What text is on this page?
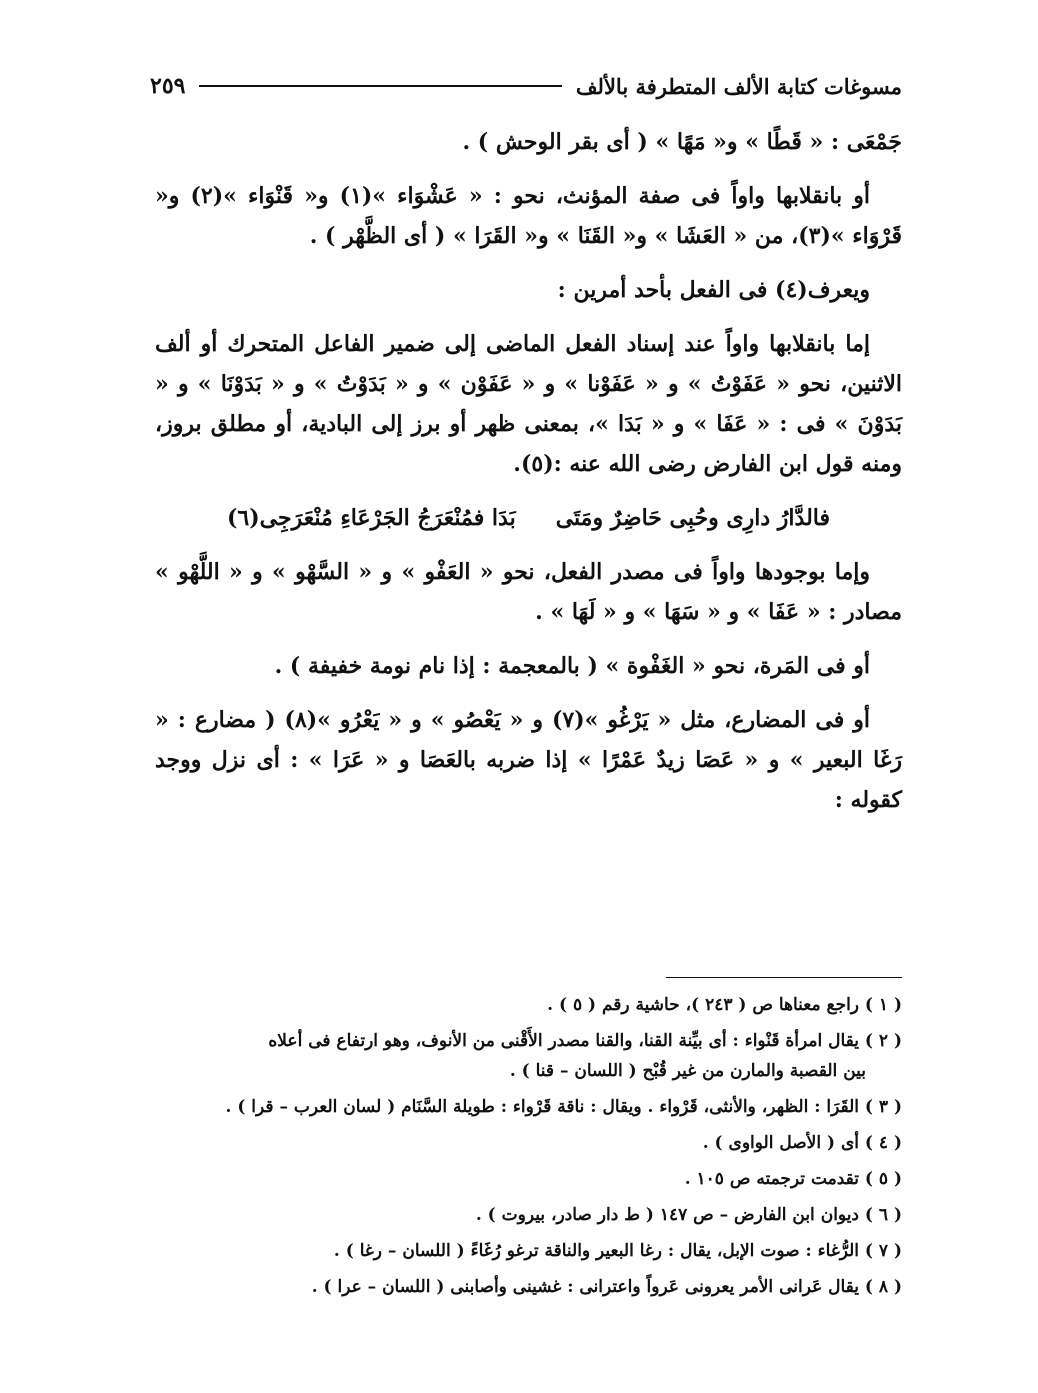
مسوغات كتابة الألف المتطرفة بالألف
٢٥٩

جَمْعَى : « قَطًا » و« مَهًا » ( أى بقر الوحش ) .

أو بانقلابها واواً فى صفة المؤنث، نحو : « عَشْوَاء »(١) و« قَنْوَاء »(٢) و« قَرْوَاء »(٣)، من « العَشَا » و« القَنَا » و« القَرَا » ( أى الظَّهْر ) .

ويعرف(٤) فى الفعل بأحد أمرين :

إما بانقلابها واواً عند إسناد الفعل الماضى إلى ضمير الفاعل المتحرك أو ألف الاثنين، نحو « عَفَوْتُ » و « عَفَوْنا » و « عَفَوْن » و « بَدَوْتُ » و « بَدَوْنَا » و « بَدَوْنَ » فى : « عَفَا » و « بَدَا »، بمعنى ظهر أو برز إلى البادية، أو مطلق بروز، ومنه قول ابن الفارض رضى الله عنه :(٥).

فالدَّارُ دارِى وحُبِى حَاضِرٌ ومَتَى
بَدَا فمُنْعَرَجُ الجَرْعَاءِ مُنْعَرَجِى(٦)

وإما بوجودها واواً فى مصدر الفعل، نحو « العَفْو » و « السَّهْو » و « اللَّهْو » مصادر : « عَفَا » و « سَهَا » و « لَهَا » .

أو فى المَرة، نحو « الغَفْوة » ( بالمعجمة : إذا نام نومة خفيفة ) .

أو فى المضارع، مثل « يَرْغُو »(٧) و « يَعْصُو » و « يَعْرُو »(٨) ( مضارع : « رَغَا البعير » و « عَصَا زيدٌ عَمْرًا » إذا ضربه بالعَصَا و « عَرَا » : أى نزل ووجد كقوله :

( ١ ) راجع معناها ص ( ٢٤٣ )، حاشية رقم ( ٥ ) .

( ٢ ) يقال امرأة قَنْواء : أى بيِّنة القنا، والقنا مصدر الأَقْنى من الأنوف، وهو ارتفاع فى أعلاه
بين القصبة والمارن من غير قُبْح ( اللسان – قنا ) .

( ٣ ) القَرَا : الظهر، والأنثى، قَرْواء . ويقال : ناقة قَرْواء : طويلة السَّنَام ( لسان العرب – قرا ) .

( ٤ ) أى ( الأصل الواوى ) .

( ٥ ) تقدمت ترجمته ص ١٠٥ .

( ٦ ) ديوان ابن الفارض – ص ١٤٧ ( ط دار صادر، بيروت ) .

( ٧ ) الرُّغاء : صوت الإبل، يقال : رغا البعير والناقة ترغو رُغَاءً ( اللسان – رغا ) .

( ٨ ) يقال عَرانى الأمر يعرونى عَرواً واعترانى : غشينى وأصابنى ( اللسان – عرا ) .
